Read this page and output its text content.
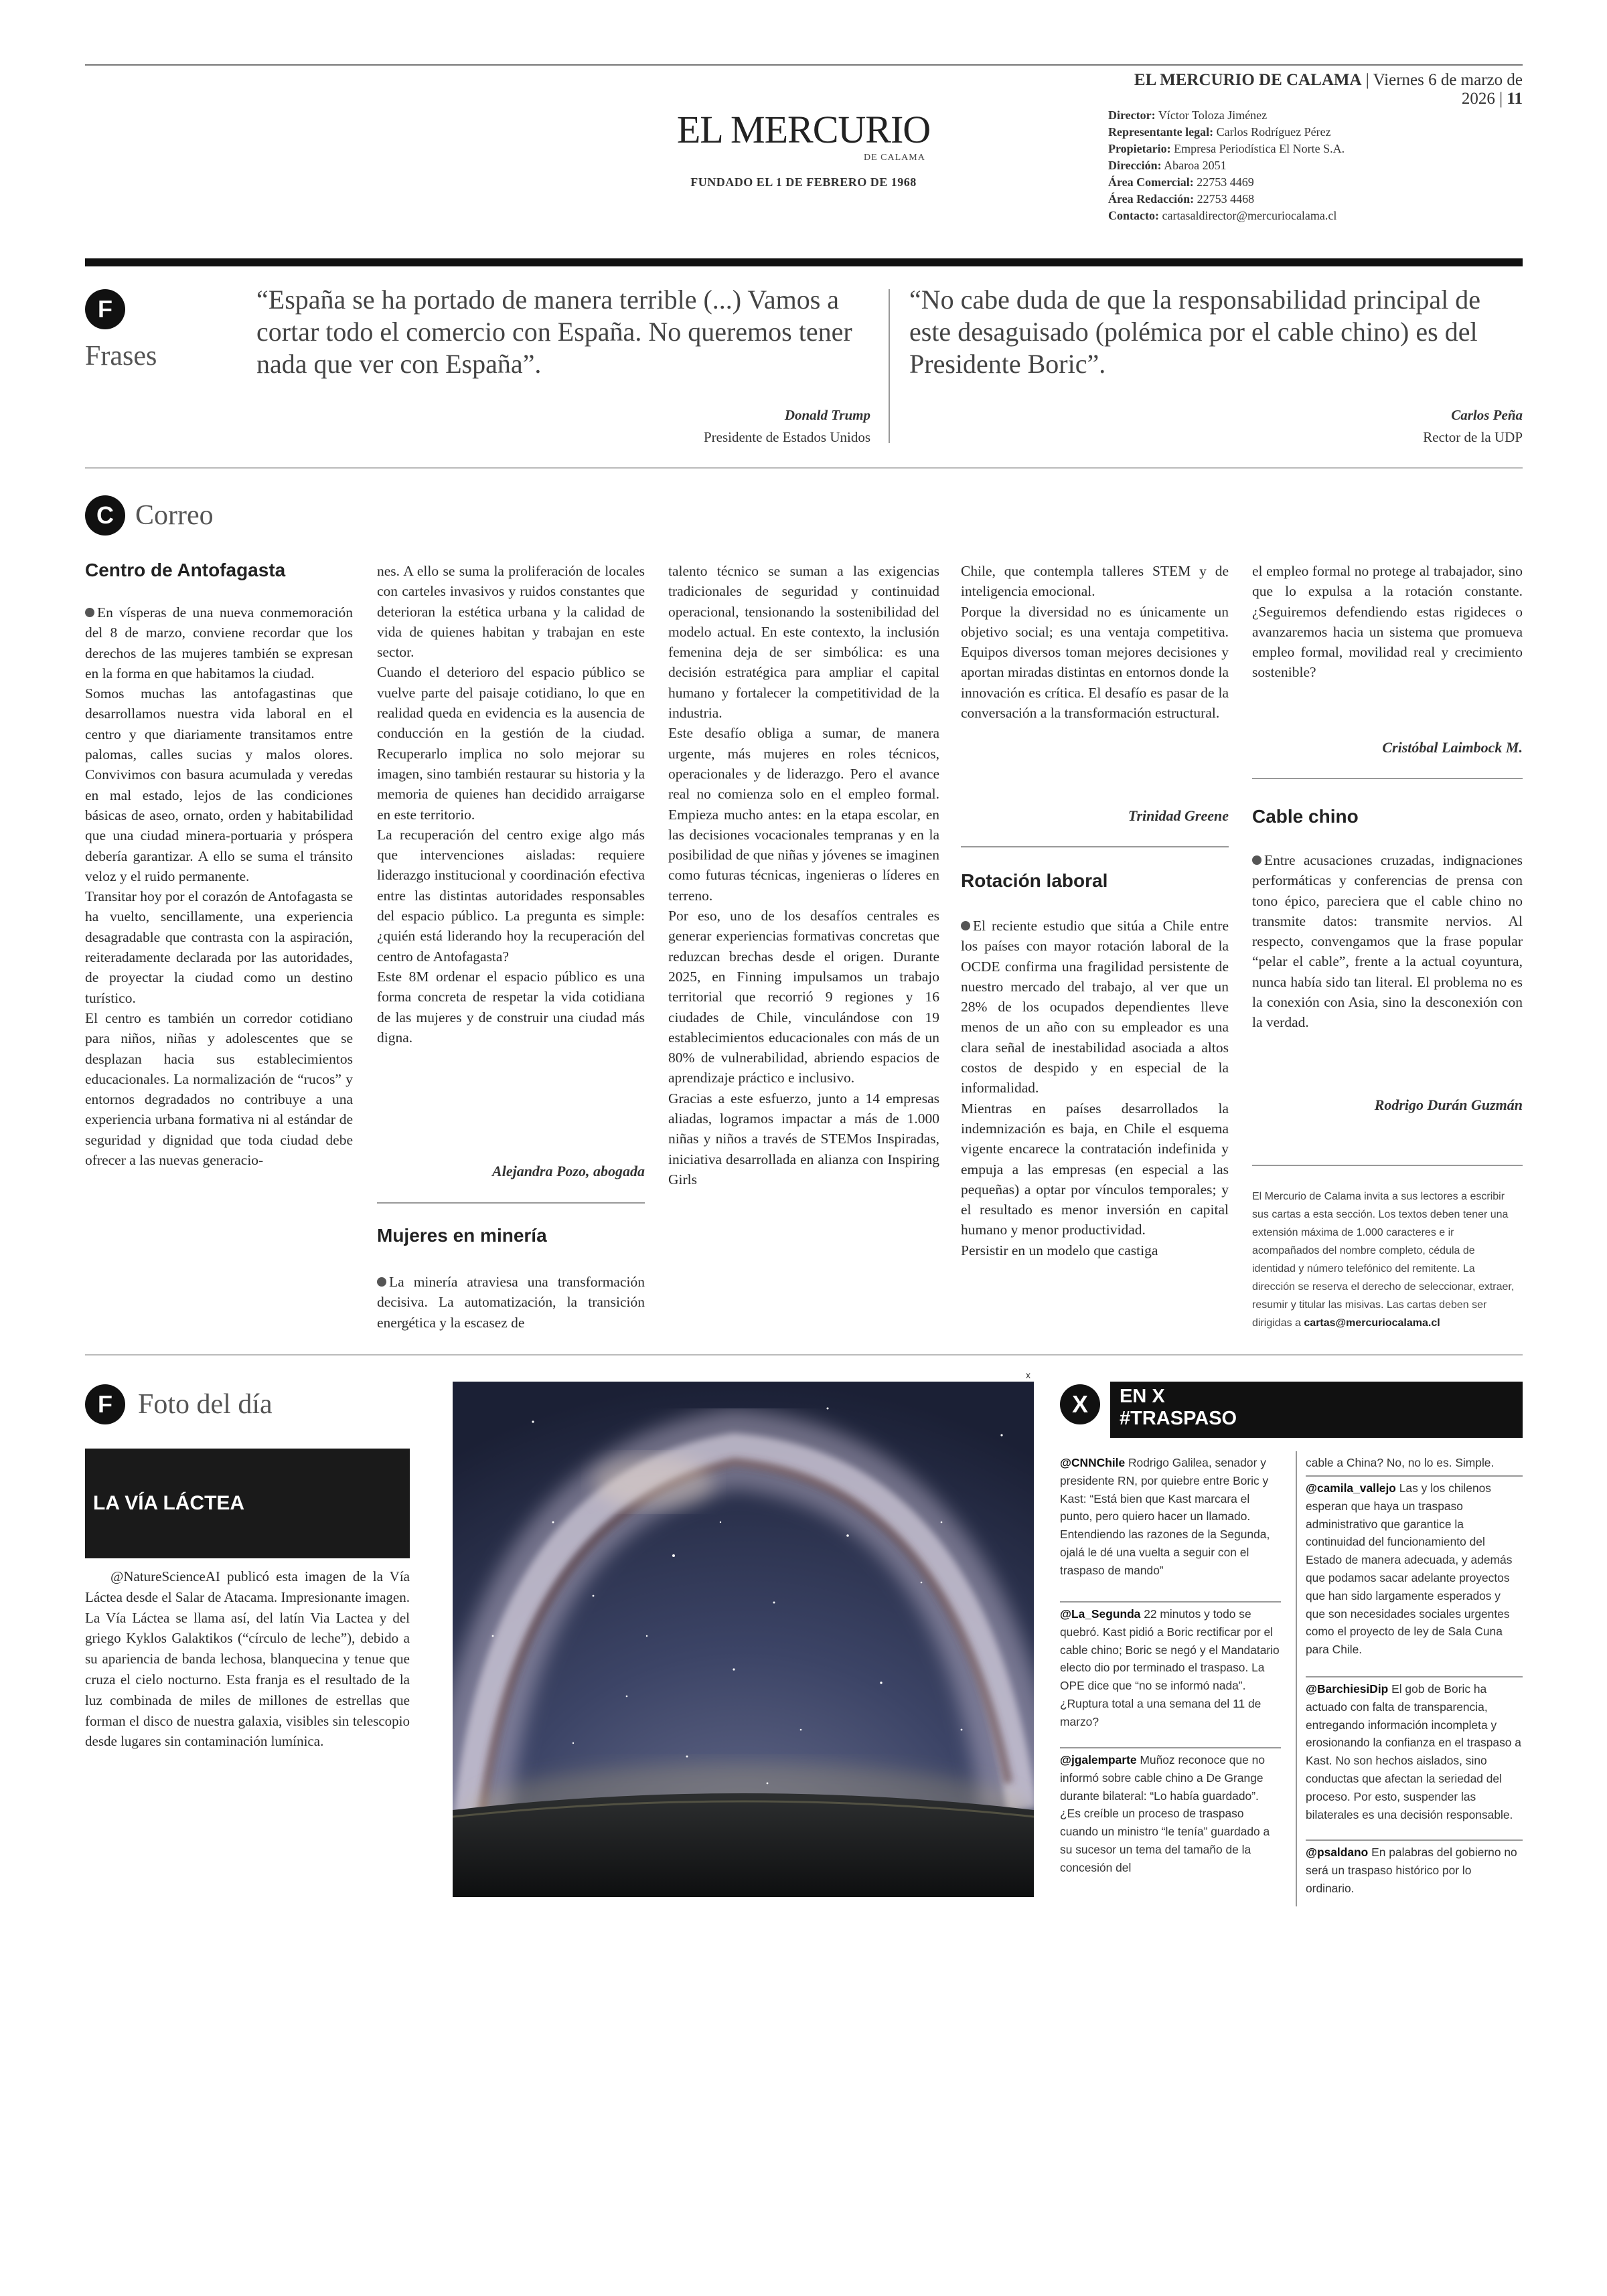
EL MERCURIO DE CALAMA | Viernes 6 de marzo de 2026 | 11
EL MERCURIO
DE CALAMA
FUNDADO EL 1 DE FEBRERO DE 1968
Director: Víctor Toloza Jiménez
Representante legal: Carlos Rodríguez Pérez
Propietario: Empresa Periodística El Norte S.A.
Dirección: Abaroa 2051
Área Comercial: 22753 4469
Área Redacción: 22753 4468
Contacto: cartasaldirector@mercuriocalama.cl
F
Frases
“España se ha portado de manera terrible (...) Vamos a cortar todo el comercio con España. No queremos tener nada que ver con España”.
Donald Trump
Presidente de Estados Unidos
“No cabe duda de que la responsabilidad principal de este desaguisado (polémica por el cable chino) es del Presidente Boric”.
Carlos Peña
Rector de la UDP
C Correo
Centro de Antofagasta
En vísperas de una nueva conmemoración del 8 de marzo, conviene recordar que los derechos de las mujeres también se expresan en la forma en que habitamos la ciudad.
Somos muchas las antofagastinas que desarrollamos nuestra vida laboral en el centro y que diariamente transitamos entre palomas, calles sucias y malos olores. Convivimos con basura acumulada y veredas en mal estado, lejos de las condiciones básicas de aseo, ornato, orden y habitabilidad que una ciudad minera-portuaria y próspera debería garantizar. A ello se suma el tránsito veloz y el ruido permanente.
Transitar hoy por el corazón de Antofagasta se ha vuelto, sencillamente, una experiencia desagradable que contrasta con la aspiración, reiteradamente declarada por las autoridades, de proyectar la ciudad como un destino turístico.
El centro es también un corredor cotidiano para niños, niñas y adolescentes que se desplazan hacia sus establecimientos educacionales. La normalización de “rucos” y entornos degradados no contribuye a una experiencia urbana formativa ni al estándar de seguridad y dignidad que toda ciudad debe ofrecer a las nuevas generacio-
nes. A ello se suma la proliferación de locales con carteles invasivos y ruidos constantes que deterioran la estética urbana y la calidad de vida de quienes habitan y trabajan en este sector.
Cuando el deterioro del espacio público se vuelve parte del paisaje cotidiano, lo que en realidad queda en evidencia es la ausencia de conducción en la gestión de la ciudad. Recuperarlo implica no solo mejorar su imagen, sino también restaurar su historia y la memoria de quienes han decidido arraigarse en este territorio.
La recuperación del centro exige algo más que intervenciones aisladas: requiere liderazgo institucional y coordinación efectiva entre las distintas autoridades responsables del espacio público. La pregunta es simple: ¿quién está liderando hoy la recuperación del centro de Antofagasta?
Este 8M ordenar el espacio público es una forma concreta de respetar la vida cotidiana de las mujeres y de construir una ciudad más digna.
Alejandra Pozo, abogada
Mujeres en minería
La minería atraviesa una transformación decisiva. La automatización, la transición energética y la escasez de
talento técnico se suman a las exigencias tradicionales de seguridad y continuidad operacional, tensionando la sostenibilidad del modelo actual. En este contexto, la inclusión femenina deja de ser simbólica: es una decisión estratégica para ampliar el capital humano y fortalecer la competitividad de la industria.
Este desafío obliga a sumar, de manera urgente, más mujeres en roles técnicos, operacionales y de liderazgo. Pero el avance real no comienza solo en el empleo formal. Empieza mucho antes: en la etapa escolar, en las decisiones vocacionales tempranas y en la posibilidad de que niñas y jóvenes se imaginen como futuras técnicas, ingenieras o líderes en terreno.
Por eso, uno de los desafíos centrales es generar experiencias formativas concretas que reduzcan brechas desde el origen. Durante 2025, en Finning impulsamos un trabajo territorial que recorrió 9 regiones y 16 ciudades de Chile, vinculándose con 19 establecimientos educacionales con más de un 80% de vulnerabilidad, abriendo espacios de aprendizaje práctico e inclusivo.
Gracias a este esfuerzo, junto a 14 empresas aliadas, logramos impactar a más de 1.000 niñas y niños a través de STEMos Inspiradas, iniciativa desarrollada en alianza con Inspiring Girls
Chile, que contempla talleres STEM y de inteligencia emocional.
Porque la diversidad no es únicamente un objetivo social; es una ventaja competitiva. Equipos diversos toman mejores decisiones y aportan miradas distintas en entornos donde la innovación es crítica. El desafío es pasar de la conversación a la transformación estructural.
Trinidad Greene
Rotación laboral
El reciente estudio que sitúa a Chile entre los países con mayor rotación laboral de la OCDE confirma una fragilidad persistente de nuestro mercado del trabajo, al ver que un 28% de los ocupados dependientes lleve menos de un año con su empleador es una clara señal de inestabilidad asociada a altos costos de despido y en especial de la informalidad.
Mientras en países desarrollados la indemnización es baja, en Chile el esquema vigente encarece la contratación indefinida y empuja a las empresas (en especial a las pequeñas) a optar por vínculos temporales; y el resultado es menor inversión en capital humano y menor productividad.
Persistir en un modelo que castiga
el empleo formal no protege al trabajador, sino que lo expulsa a la rotación constante. ¿Seguiremos defendiendo estas rigideces o avanzaremos hacia un sistema que promueva empleo formal, movilidad real y crecimiento sostenible?
Cristóbal Laimbock M.
Cable chino
Entre acusaciones cruzadas, indignaciones performáticas y conferencias de prensa con tono épico, pareciera que el cable chino no transmite datos: transmite nervios. Al respecto, convengamos que la frase popular “pelar el cable”, frente a la actual coyuntura, nunca había sido tan literal. El problema no es la conexión con Asia, sino la desconexión con la verdad.
Rodrigo Durán Guzmán
El Mercurio de Calama invita a sus lectores a escribir sus cartas a esta sección. Los textos deben tener una extensión máxima de 1.000 caracteres e ir acompañados del nombre completo, cédula de identidad y número telefónico del remitente. La dirección se reserva el derecho de seleccionar, extraer, resumir y titular las misivas. Las cartas deben ser dirigidas a cartas@mercuriocalama.cl
F Foto del día
LA VÍA LÁCTEA
@NatureScienceAI publicó esta imagen de la Vía Láctea desde el Salar de Atacama. Impresionante imagen. La Vía Láctea se llama así, del latín Via Lactea y del griego Kyklos Galaktikos (“círculo de leche”), debido a su apariencia de banda lechosa, blanquecina y tenue que cruza el cielo nocturno. Esta franja es el resultado de la luz combinada de miles de millones de estrellas que forman el disco de nuestra galaxia, visibles sin telescopio desde lugares sin contaminación lumínica.
x
X	EN X
#TRASPASO
@CNNChile Rodrigo Galilea, senador y presidente RN, por quiebre entre Boric y Kast: “Está bien que Kast marcara el punto, pero quiero hacer un llamado. Entendiendo las razones de la Segunda, ojalá le dé una vuelta a seguir con el traspaso de mando”
@La_Segunda 22 minutos y todo se quebró. Kast pidió a Boric rectificar por el cable chino; Boric se negó y el Mandatario electo dio por terminado el traspaso. La OPE dice que “no se informó nada”. ¿Ruptura total a una semana del 11 de marzo?
@jgalemparte Muñoz reconoce que no informó sobre cable chino a De Grange durante bilateral: “Lo había guardado”. ¿Es creíble un proceso de traspaso cuando un ministro “le tenía” guardado a su sucesor un tema del tamaño de la concesión del
cable a China? No, no lo es. Simple.
@camila_vallejo Las y los chilenos esperan que haya un traspaso administrativo que garantice la continuidad del funcionamiento del Estado de manera adecuada, y además que podamos sacar adelante proyectos que han sido largamente esperados y que son necesidades sociales urgentes como el proyecto de ley de Sala Cuna para Chile.
@BarchiesiDip El gob de Boric ha actuado con falta de transparencia, entregando información incompleta y erosionando la confianza en el traspaso a Kast. No son hechos aislados, sino conductas que afectan la seriedad del proceso. Por esto, suspender las bilaterales es una decisión responsable.
@psaldano En palabras del gobierno no será un traspaso histórico por lo ordinario.
